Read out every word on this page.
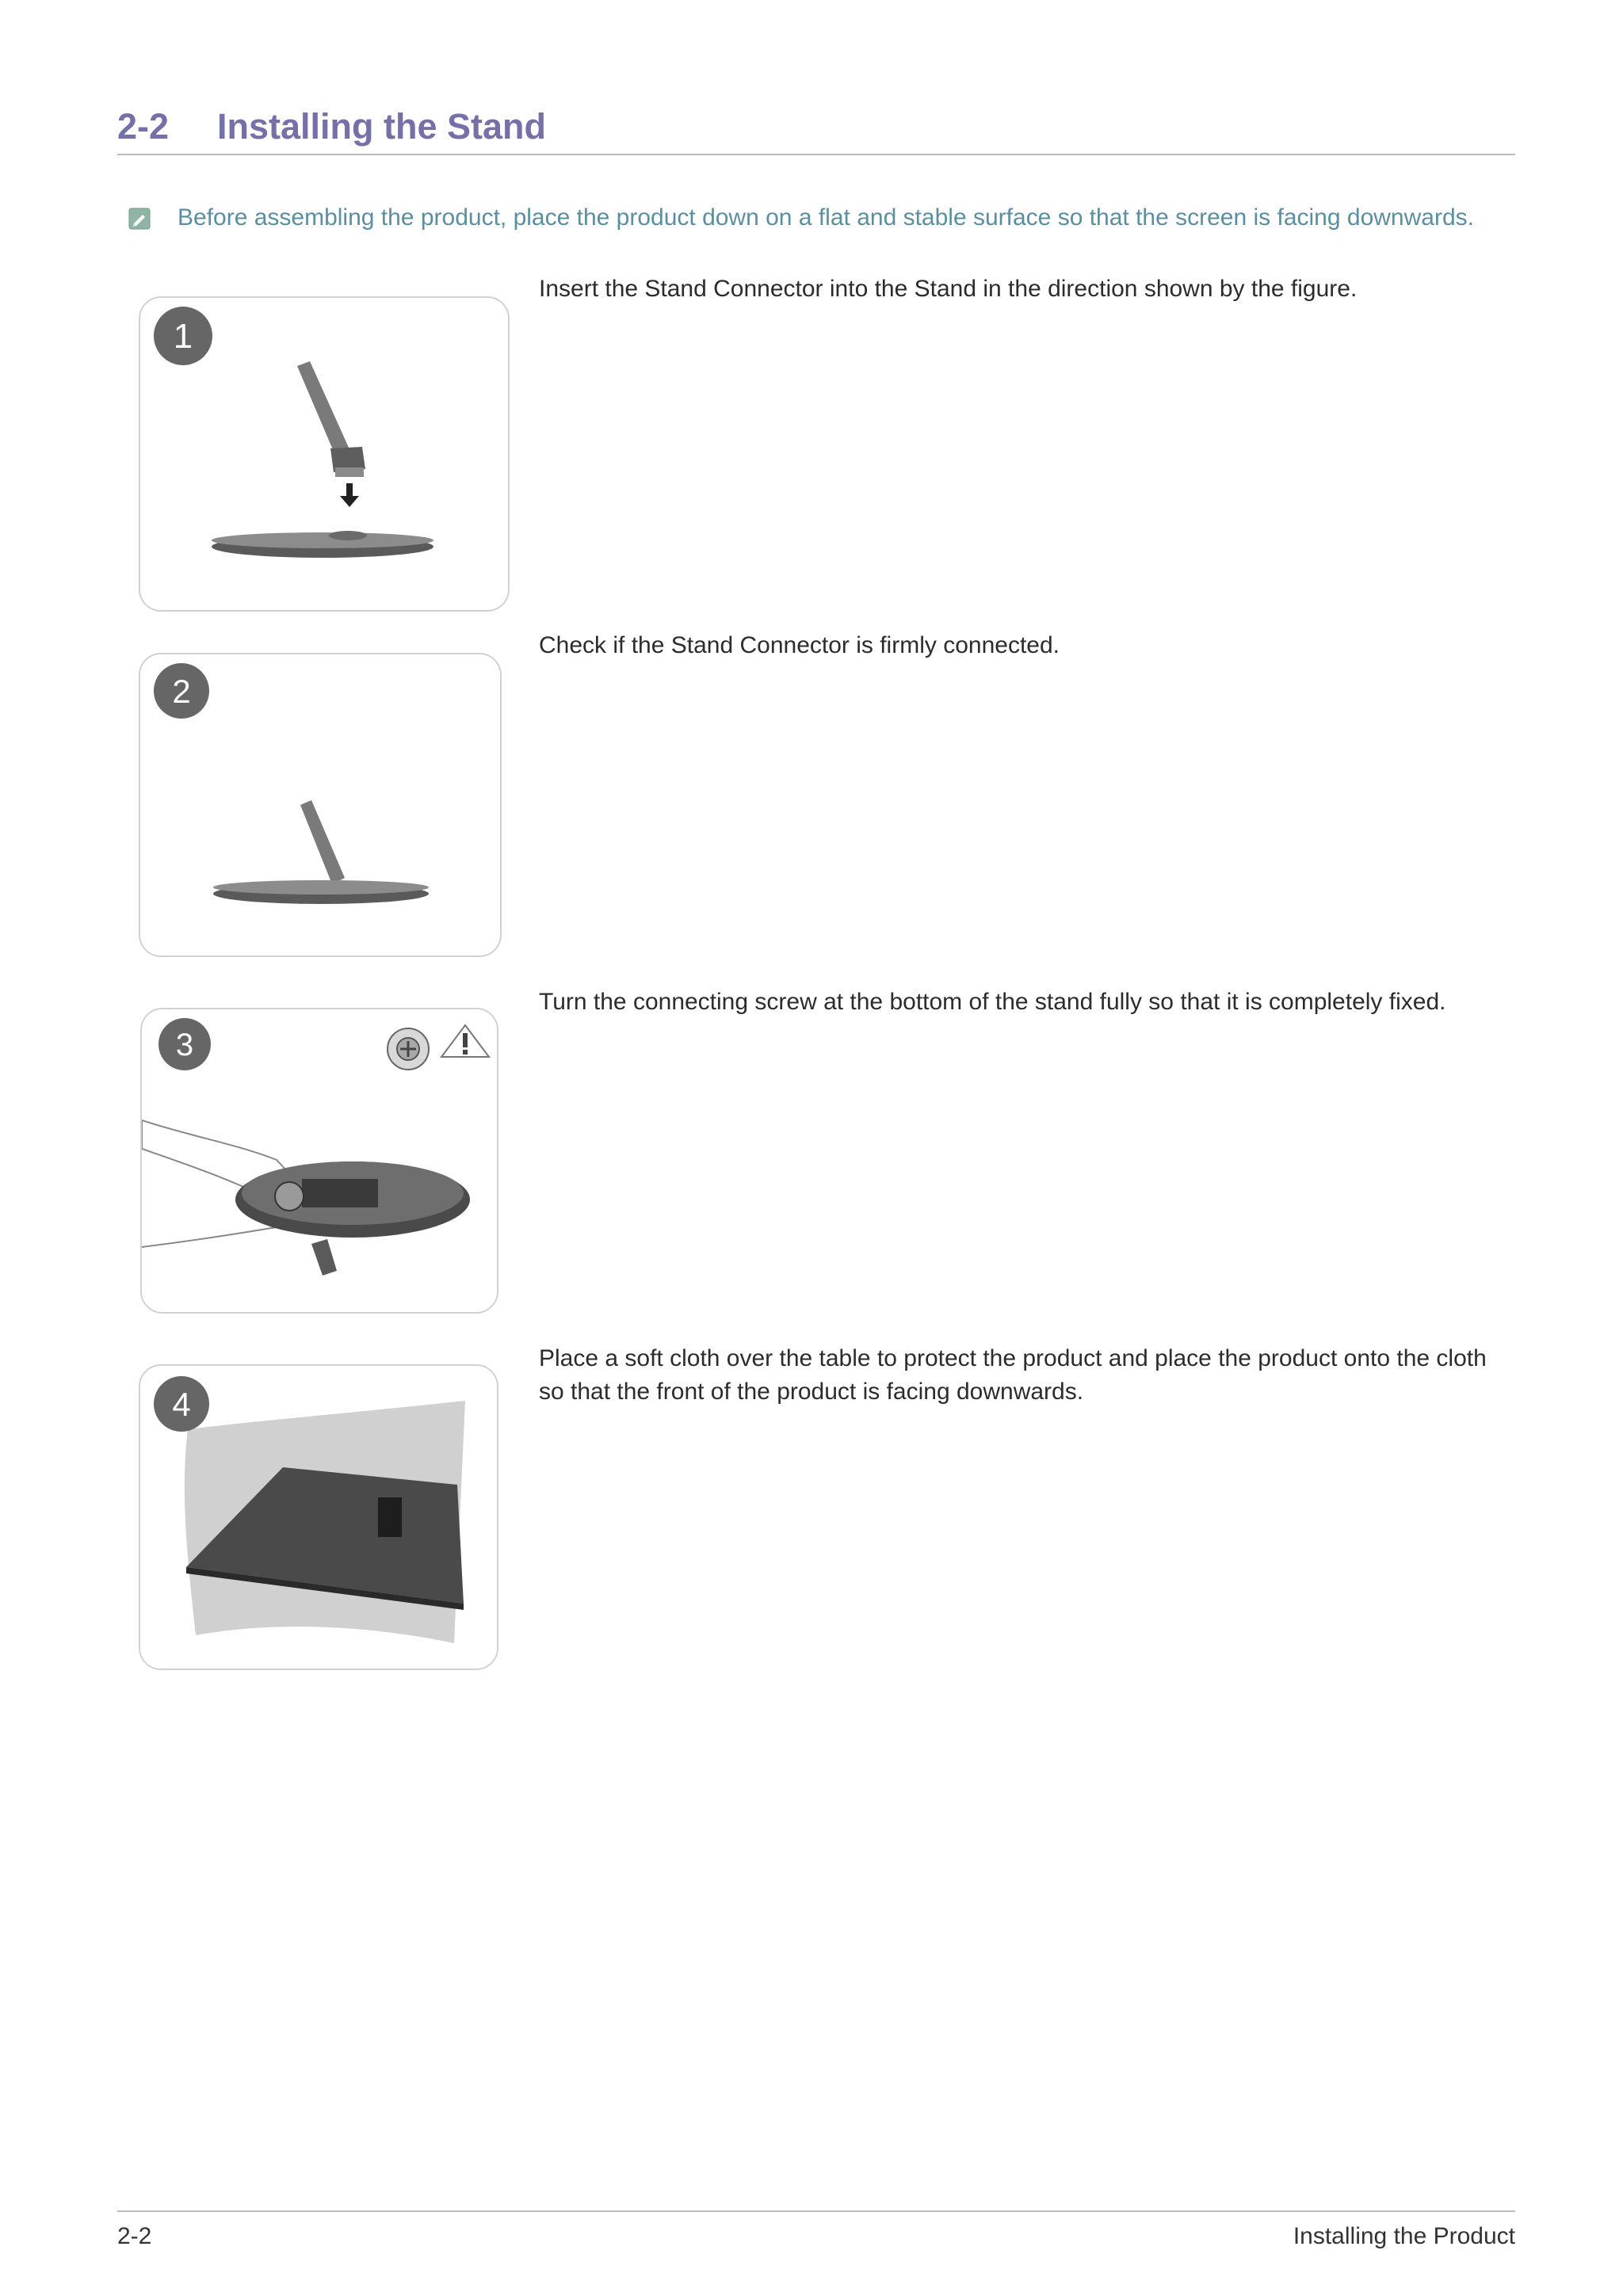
2-2 Installing the Stand
Before assembling the product, place the product down on a flat and stable surface so that the screen is facing downwards.
1
Insert the Stand Connector into the Stand in the direction shown by the figure.
2
Check if the Stand Connector is firmly connected.
3
Turn the connecting screw at the bottom of the stand fully so that it is completely fixed.
4
Place a soft cloth over the table to protect the product and place the product onto the cloth so that the front of the product is facing downwards.
2-2	Installing the Product
